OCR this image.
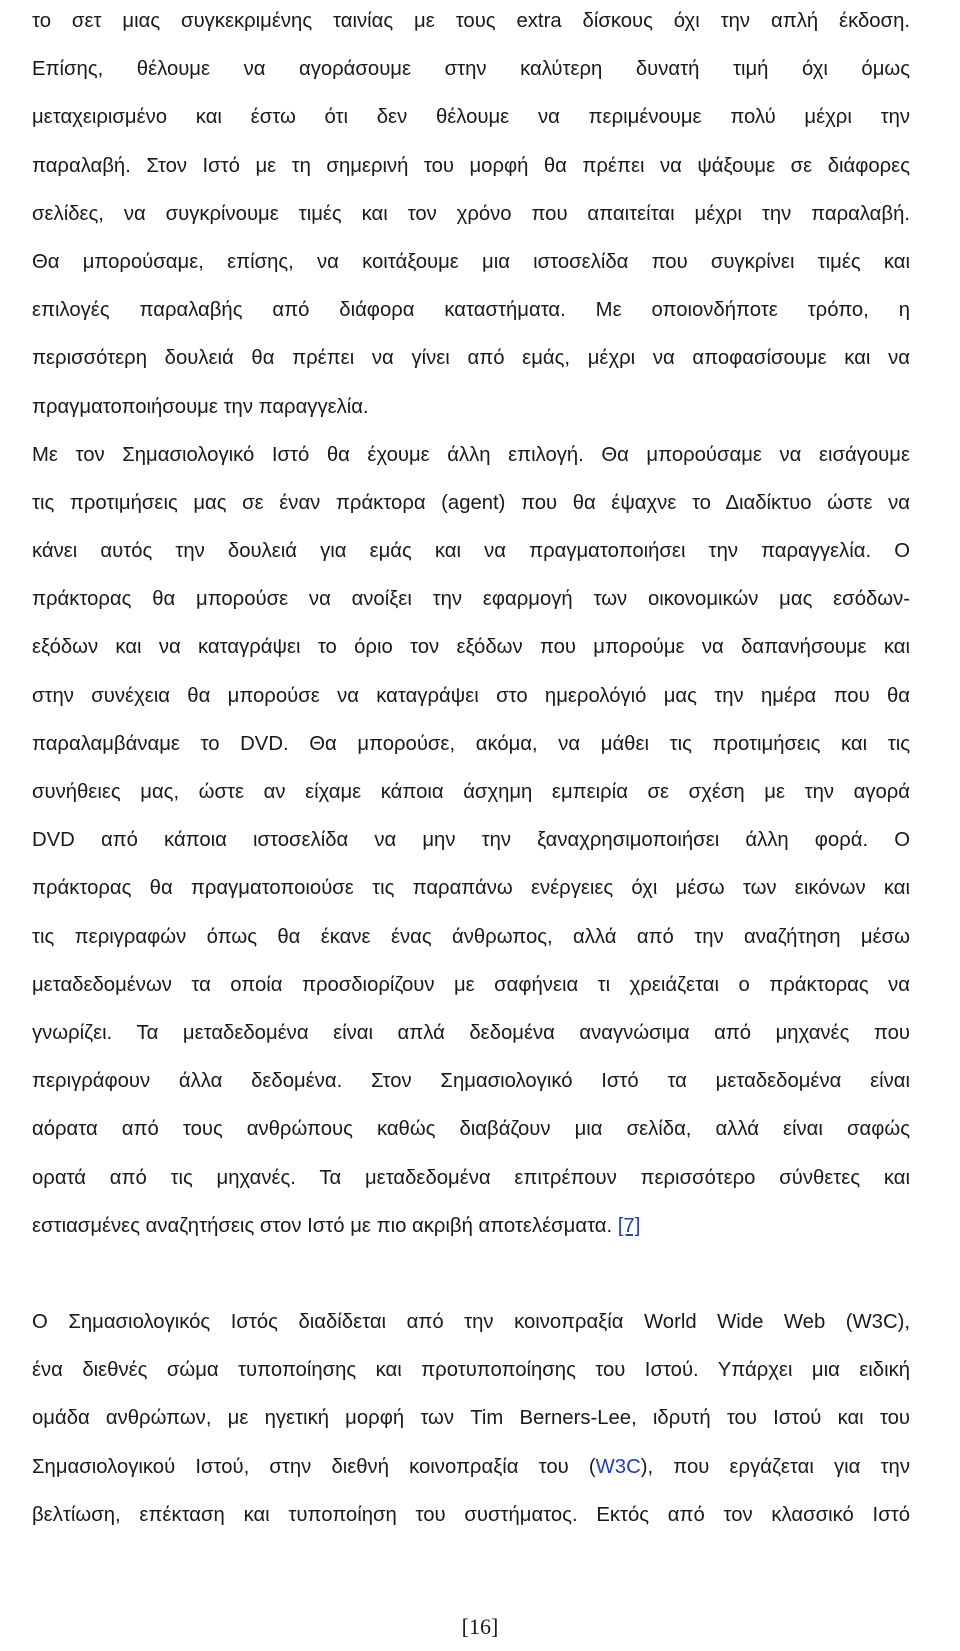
το σετ μιας συγκεκριμένης ταινίας με τους extra δίσκους όχι την απλή έκδοση.
Επίσης, θέλουμε να αγοράσουμε στην καλύτερη δυνατή τιμή όχι όμως
μεταχειρισμένο και έστω ότι δεν θέλουμε να περιμένουμε πολύ μέχρι την
παραλαβή. Στον Ιστό με τη σημερινή του μορφή θα πρέπει να ψάξουμε σε διάφορες
σελίδες, να συγκρίνουμε τιμές και τον χρόνο που απαιτείται μέχρι την παραλαβή.
Θα μπορούσαμε, επίσης, να κοιτάξουμε μια ιστοσελίδα που συγκρίνει τιμές και
επιλογές παραλαβής από διάφορα καταστήματα. Με οποιονδήποτε τρόπο, η
περισσότερη δουλειά θα πρέπει να γίνει από εμάς, μέχρι να αποφασίσουμε και να
πραγματοποιήσουμε την παραγγελία.
Με τον Σημασιολογικό Ιστό θα έχουμε άλλη επιλογή. Θα μπορούσαμε να εισάγουμε
τις προτιμήσεις μας σε έναν πράκτορα (agent) που θα έψαχνε το Διαδίκτυο ώστε να
κάνει αυτός την δουλειά για εμάς και να πραγματοποιήσει την παραγγελία. Ο
πράκτορας θα μπορούσε να ανοίξει την εφαρμογή των οικονομικών μας εσόδων-
εξόδων και να καταγράψει το όριο τον εξόδων που μπορούμε να δαπανήσουμε και
στην συνέχεια θα μπορούσε να καταγράψει στο ημερολόγιό μας την ημέρα που θα
παραλαμβάναμε το DVD. Θα μπορούσε, ακόμα, να μάθει τις προτιμήσεις και τις
συνήθειες μας, ώστε αν είχαμε κάποια άσχημη εμπειρία σε σχέση με την αγορά
DVD από κάποια ιστοσελίδα να μην την ξαναχρησιμοποιήσει άλλη φορά. Ο
πράκτορας θα πραγματοποιούσε τις παραπάνω ενέργειες όχι μέσω των εικόνων και
τις περιγραφών όπως θα έκανε ένας άνθρωπος, αλλά από την αναζήτηση μέσω
μεταδεδομένων τα οποία προσδιορίζουν με σαφήνεια τι χρειάζεται ο πράκτορας να
γνωρίζει. Τα μεταδεδομένα είναι απλά δεδομένα αναγνώσιμα από μηχανές που
περιγράφουν άλλα δεδομένα. Στον Σημασιολογικό Ιστό τα μεταδεδομένα είναι
αόρατα από τους ανθρώπους καθώς διαβάζουν μια σελίδα, αλλά είναι σαφώς
ορατά από τις μηχανές. Τα μεταδεδομένα επιτρέπουν περισσότερο σύνθετες και
εστιασμένες αναζητήσεις στον Ιστό με πιο ακριβή αποτελέσματα. [7]
Ο Σημασιολογικός Ιστός διαδίδεται από την κοινοπραξία World Wide Web (W3C),
ένα διεθνές σώμα τυποποίησης και προτυποποίησης του Ιστού. Υπάρχει μια ειδική
ομάδα ανθρώπων, με ηγετική μορφή των Tim Berners-Lee, ιδρυτή του Ιστού και του
Σημασιολογικού Ιστού, στην διεθνή κοινοπραξία του (W3C), που εργάζεται για την
βελτίωση, επέκταση και τυποποίηση του συστήματος. Εκτός από τον κλασσικό Ιστό
[16]
